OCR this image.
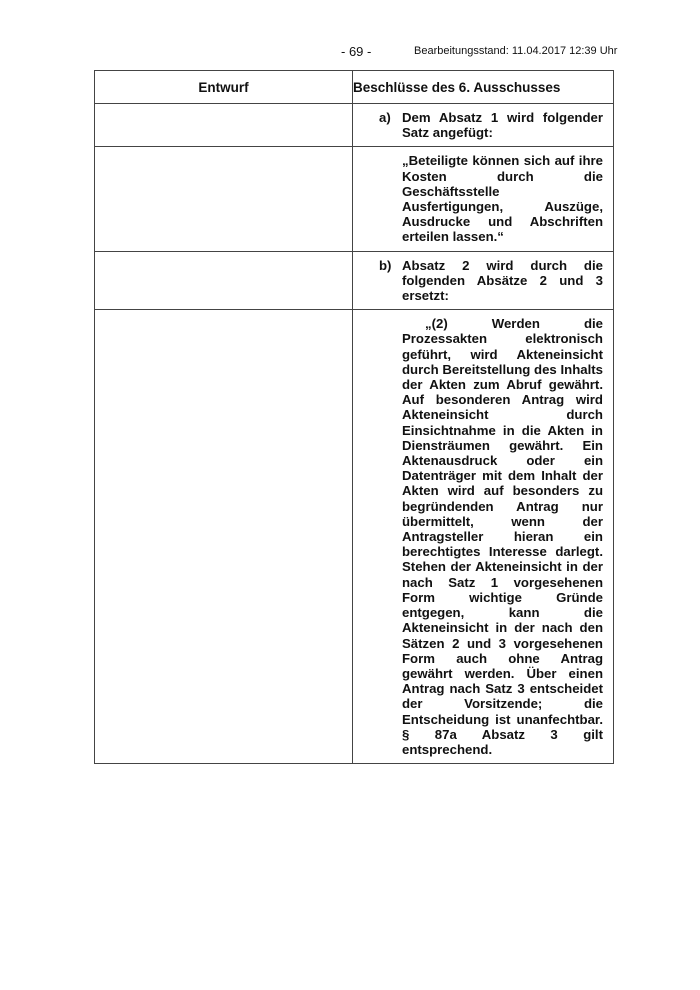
- 69 -	Bearbeitungsstand: 11.04.2017 12:39 Uhr
Entwurf	Beschlüsse des 6. Ausschusses

	a) Dem Absatz 1 wird folgender Satz angefügt:

	„Beteiligte können sich auf ihre Kosten durch die Geschäftsstelle Ausfertigungen, Auszüge, Ausdrucke und Abschriften erteilen lassen.“

	b) Absatz 2 wird durch die folgenden Absätze 2 und 3 ersetzt:

	„(2) Werden die Prozessakten elektronisch geführt, wird Akteneinsicht durch Bereitstellung des Inhalts der Akten zum Abruf gewährt. Auf besonderen Antrag wird Akteneinsicht durch Einsichtnahme in die Akten in Diensträumen gewährt. Ein Aktenausdruck oder ein Datenträger mit dem Inhalt der Akten wird auf besonders zu begründenden Antrag nur übermittelt, wenn der Antragsteller hieran ein berechtigtes Interesse darlegt. Stehen der Akteneinsicht in der nach Satz 1 vorgesehenen Form wichtige Gründe entgegen, kann die Akteneinsicht in der nach den Sätzen 2 und 3 vorgesehenen Form auch ohne Antrag gewährt werden. Über einen Antrag nach Satz 3 entscheidet der Vorsitzende; die Entscheidung ist unanfechtbar. § 87a Absatz 3 gilt entsprechend.
